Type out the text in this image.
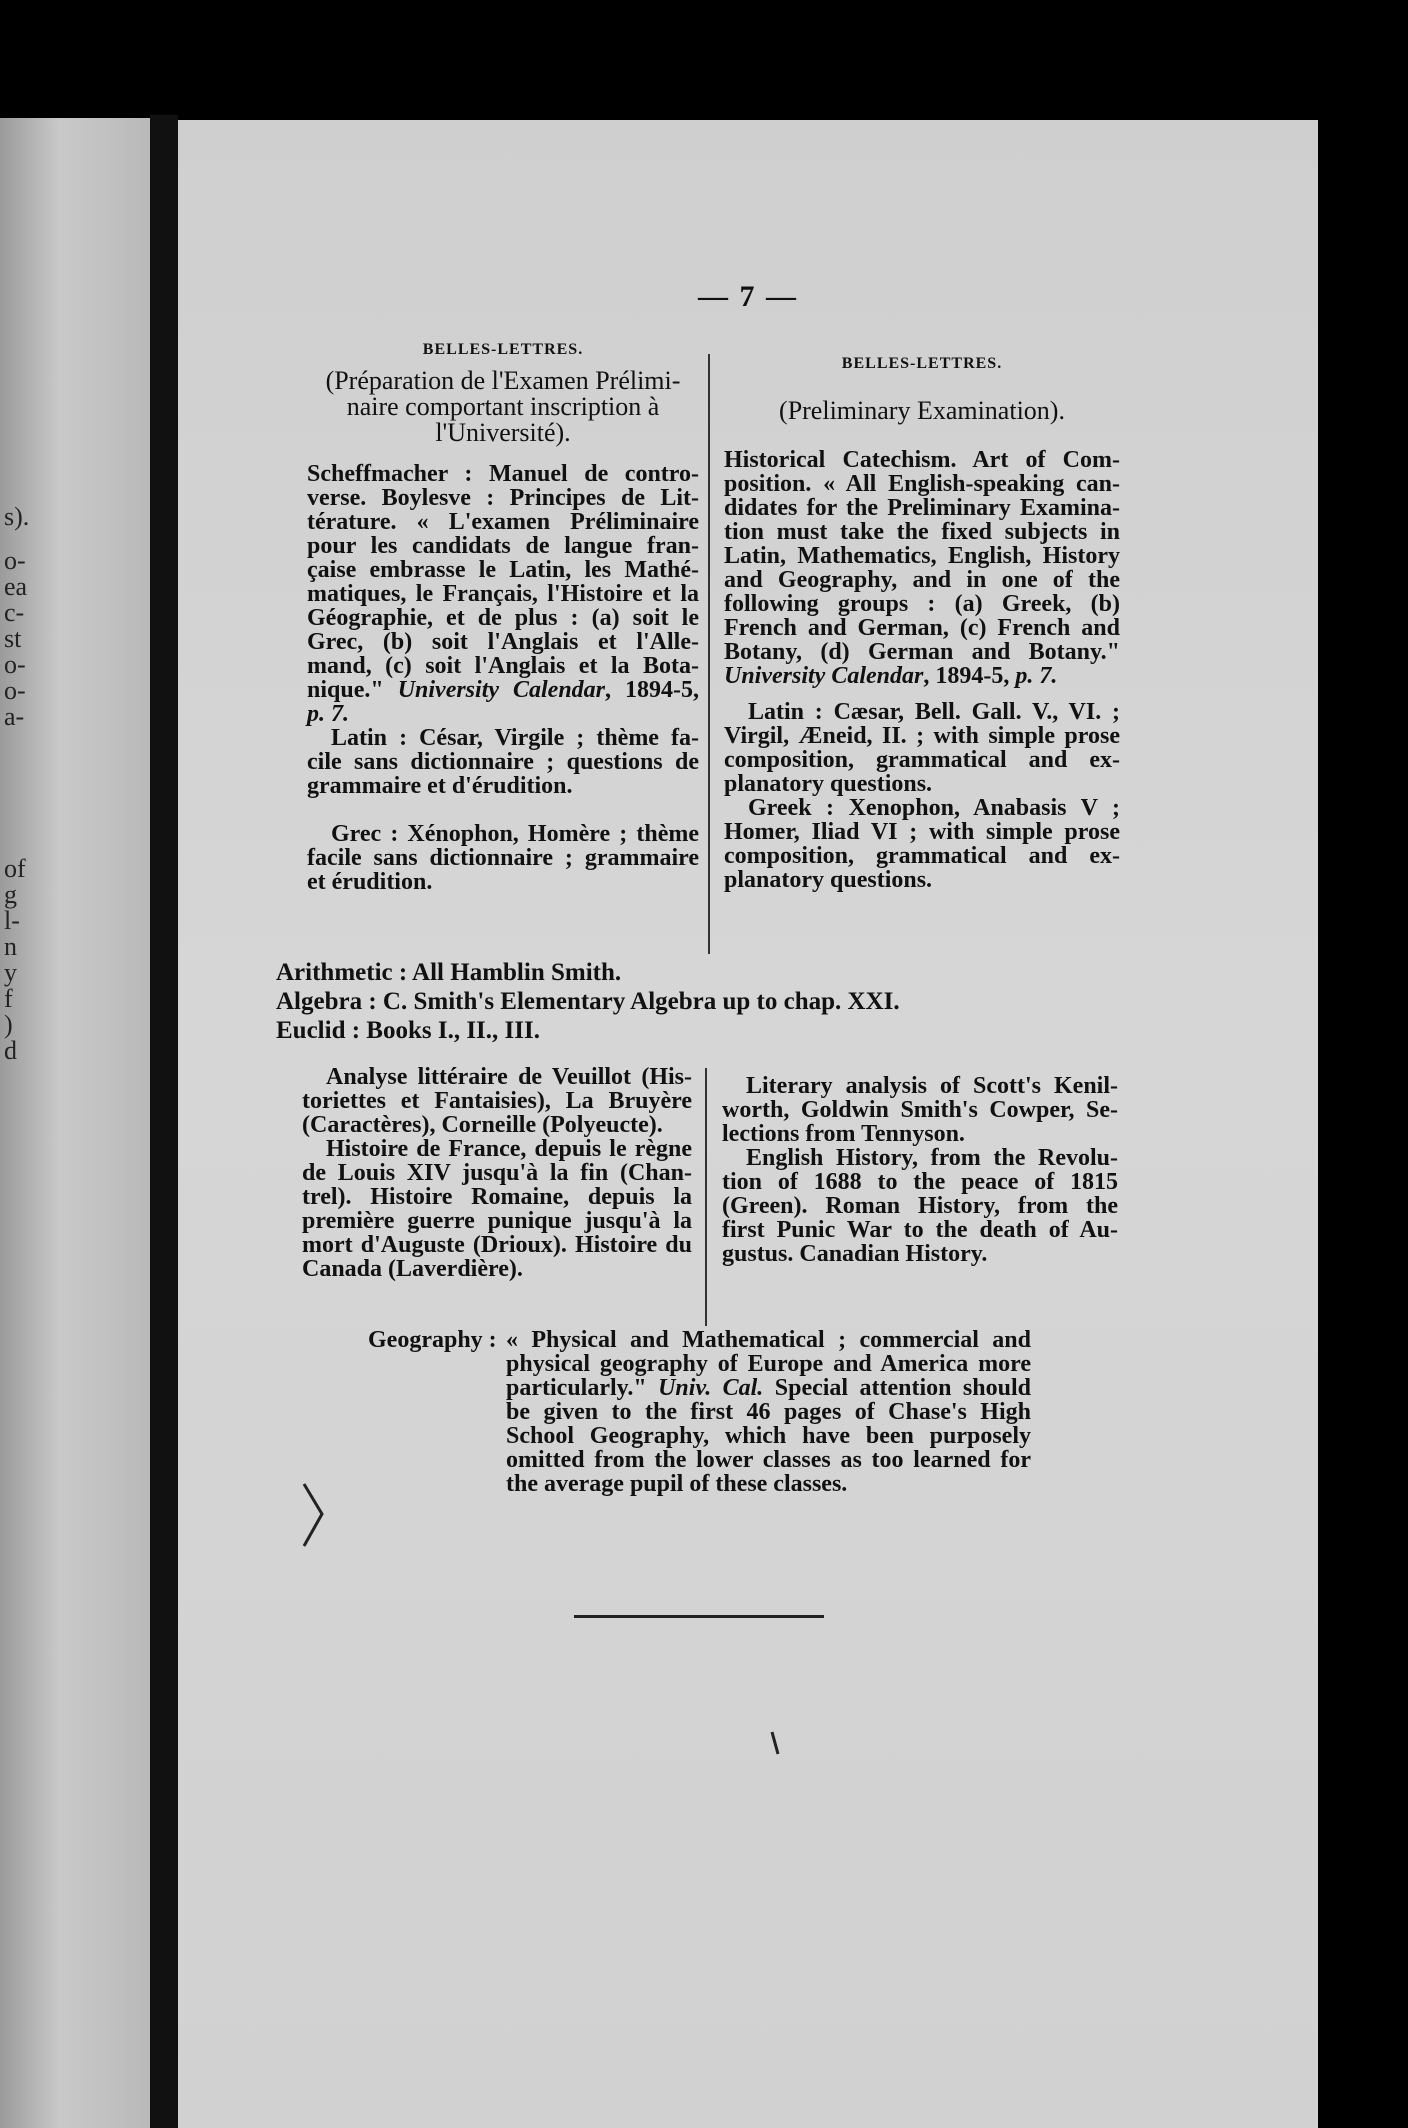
s).
o-
ea
c-
st
o-
o-
a-
of
g
l-
n
y
f
)
d
— 7 —
BELLES-LETTRES.

(Préparation de l'Examen Prélimi- naire comportant inscription à l'Université).

Scheffmacher : Manuel de contro- verse. Boylesve : Principes de Lit- térature. « L'examen Préliminaire pour les candidats de langue fran- çaise embrasse le Latin, les Mathé- matiques, le Français, l'Histoire et la Géographie, et de plus : (a) soit le Grec, (b) soit l'Anglais et l'Alle- mand, (c) soit l'Anglais et la Bota- nique." University Calendar, 1894-5, p. 7.

Latin : César, Virgile ; thème fa- cile sans dictionnaire ; questions de grammaire et d'érudition.

Grec : Xénophon, Homère ; thème facile sans dictionnaire ; grammaire et érudition.

BELLES-LETTRES.

(Preliminary Examination).

Historical Catechism. Art of Com- position. « All English-speaking can- didates for the Preliminary Examina- tion must take the fixed subjects in Latin, Mathematics, English, History and Geography, and in one of the following groups : (a) Greek, (b) French and German, (c) French and Botany, (d) German and Botany." University Calendar, 1894-5, p. 7.

Latin : Cæsar, Bell. Gall. V., VI. ; Virgil, Æneid, II. ; with simple prose composition, grammatical and ex- planatory questions.

Greek : Xenophon, Anabasis V ; Homer, Iliad VI ; with simple prose composition, grammatical and ex- planatory questions.

Arithmetic : All Hamblin Smith.
Algebra : C. Smith's Elementary Algebra up to chap. XXI.
Euclid : Books I., II., III.

Analyse littéraire de Veuillot (His- toriettes et Fantaisies), La Bruyère (Caractères), Corneille (Polyeucte).

Histoire de France, depuis le règne de Louis XIV jusqu'à la fin (Chan- trel). Histoire Romaine, depuis la première guerre punique jusqu'à la mort d'Auguste (Drioux). Histoire du Canada (Laverdière).

Literary analysis of Scott's Kenil- worth, Goldwin Smith's Cowper, Se- lections from Tennyson.

English History, from the Revolu- tion of 1688 to the peace of 1815 (Green). Roman History, from the first Punic War to the death of Au- gustus. Canadian History.

Geography : « Physical and Mathematical ; commercial and physical geography of Europe and America more particularly." Univ. Cal. Special attention should be given to the first 46 pages of Chase's High School Geography, which have been purposely omitted from the lower classes as too learned for the average pupil of these classes.
